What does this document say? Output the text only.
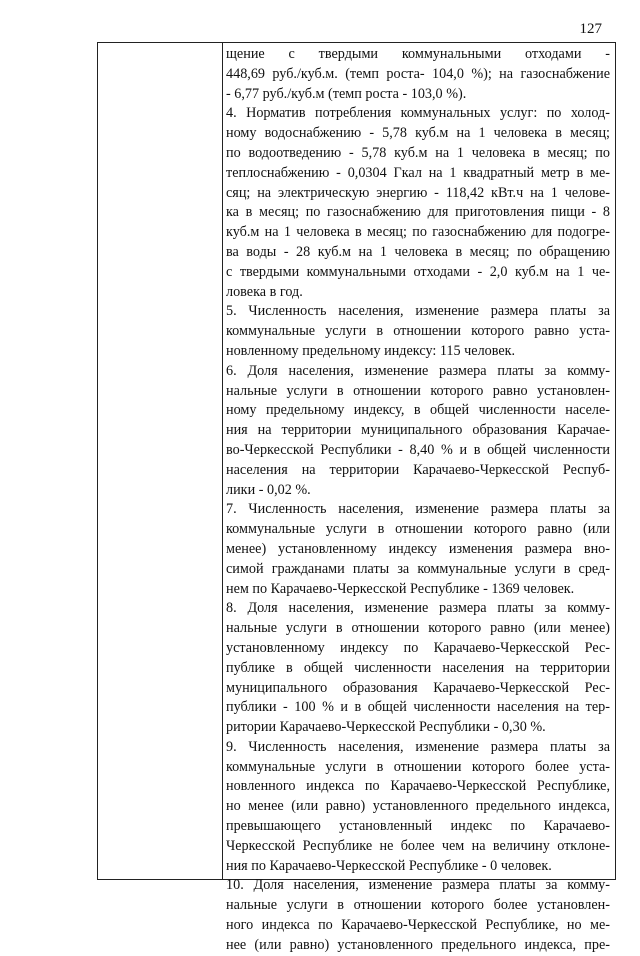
127
щение с твердыми коммунальными отходами -
448,69 руб./куб.м. (темп роста- 104,0 %); на газоснабжение
- 6,77 руб./куб.м (темп роста - 103,0 %).
4. Норматив потребления коммунальных услуг: по холод-
ному водоснабжению - 5,78 куб.м на 1 человека в месяц;
по водоотведению - 5,78 куб.м на 1 человека в месяц; по
теплоснабжению - 0,0304 Гкал на 1 квадратный метр в ме-
сяц; на электрическую энергию - 118,42 кВт.ч на 1 челове-
ка в месяц; по газоснабжению для приготовления пищи - 8
куб.м на 1 человека в месяц; по газоснабжению для подогре-
ва воды - 28 куб.м на 1 человека в месяц; по обращению
с твердыми коммунальными отходами - 2,0 куб.м на 1 че-
ловека в год.
5. Численность населения, изменение размера платы за
коммунальные услуги в отношении которого равно уста-
новленному предельному индексу: 115 человек.
6. Доля населения, изменение размера платы за комму-
нальные услуги в отношении которого равно установлен-
ному предельному индексу, в общей численности населе-
ния на территории муниципального образования Карачае-
во-Черкесской Республики - 8,40 % и в общей численности
населения на территории Карачаево-Черкесской Респуб-
лики - 0,02 %.
7. Численность населения, изменение размера платы за
коммунальные услуги в отношении которого равно (или
менее) установленному индексу изменения размера вно-
симой гражданами платы за коммунальные услуги в сред-
нем по Карачаево-Черкесской Республике - 1369 человек.
8. Доля населения, изменение размера платы за комму-
нальные услуги в отношении которого равно (или менее)
установленному индексу по Карачаево-Черкесской Рес-
публике в общей численности населения на территории
муниципального образования Карачаево-Черкесской Рес-
публики - 100 % и в общей численности населения на тер-
ритории Карачаево-Черкесской Республики - 0,30 %.
9. Численность населения, изменение размера платы за
коммунальные услуги в отношении которого более уста-
новленного индекса по Карачаево-Черкесской Республике,
но менее (или равно) установленного предельного индекса,
превышающего установленный индекс по Карачаево-
Черкесской Республике не более чем на величину отклоне-
ния по Карачаево-Черкесской Республике - 0 человек.
10. Доля населения, изменение размера платы за комму-
нальные услуги в отношении которого более установлен-
ного индекса по Карачаево-Черкесской Республике, но ме-
нее (или равно) установленного предельного индекса, пре-
